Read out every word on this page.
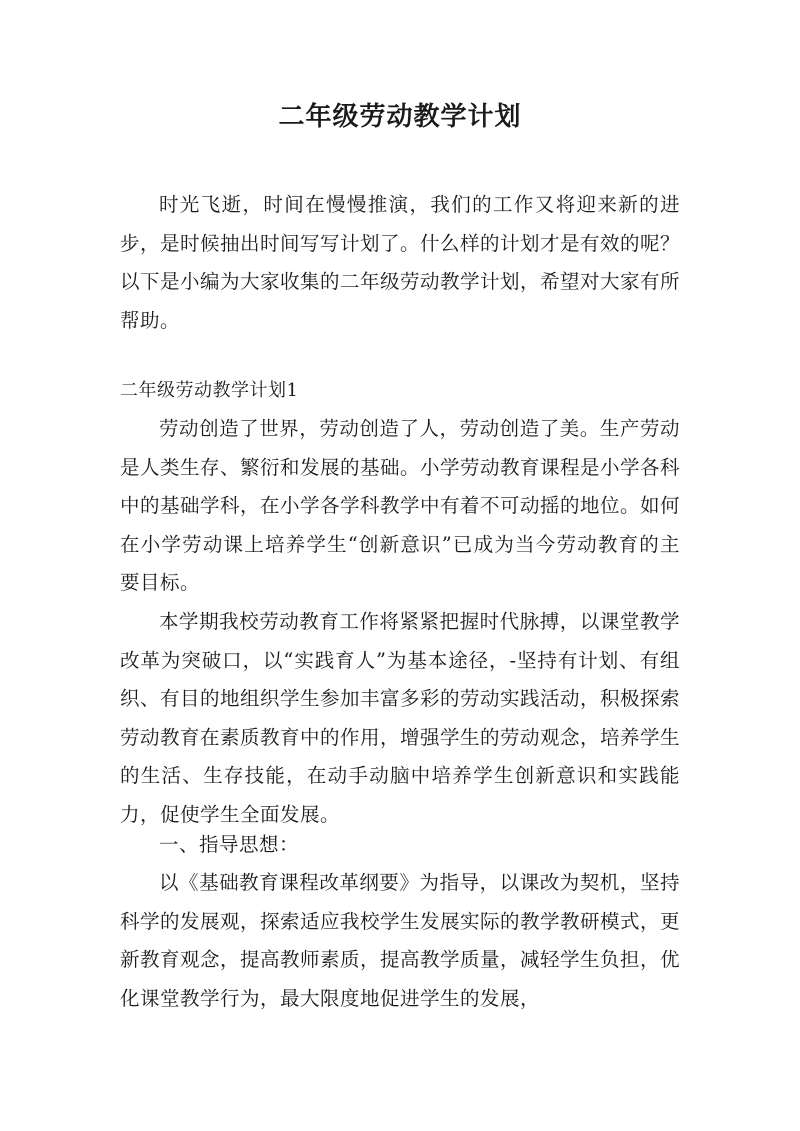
二年级劳动教学计划

时光飞逝，时间在慢慢推演，我们的工作又将迎来新的进步，是时候抽出时间写写计划了。什么样的计划才是有效的呢？以下是小编为大家收集的二年级劳动教学计划，希望对大家有所帮助。

二年级劳动教学计划1

劳动创造了世界，劳动创造了人，劳动创造了美。生产劳动是人类生存、繁衍和发展的基础。小学劳动教育课程是小学各科中的基础学科，在小学各学科教学中有着不可动摇的地位。如何在小学劳动课上培养学生“创新意识”已成为当今劳动教育的主要目标。

本学期我校劳动教育工作将紧紧把握时代脉搏，以课堂教学改革为突破口，以“实践育人”为基本途径，-坚持有计划、有组织、有目的地组织学生参加丰富多彩的劳动实践活动，积极探索劳动教育在素质教育中的作用，增强学生的劳动观念，培养学生的生活、生存技能，在动手动脑中培养学生创新意识和实践能力，促使学生全面发展。

一、指导思想：

以《基础教育课程改革纲要》为指导，以课改为契机，坚持科学的发展观，探索适应我校学生发展实际的教学教研模式，更新教育观念，提高教师素质，提高教学质量，减轻学生负担，优化课堂教学行为，最大限度地促进学生的发展，
